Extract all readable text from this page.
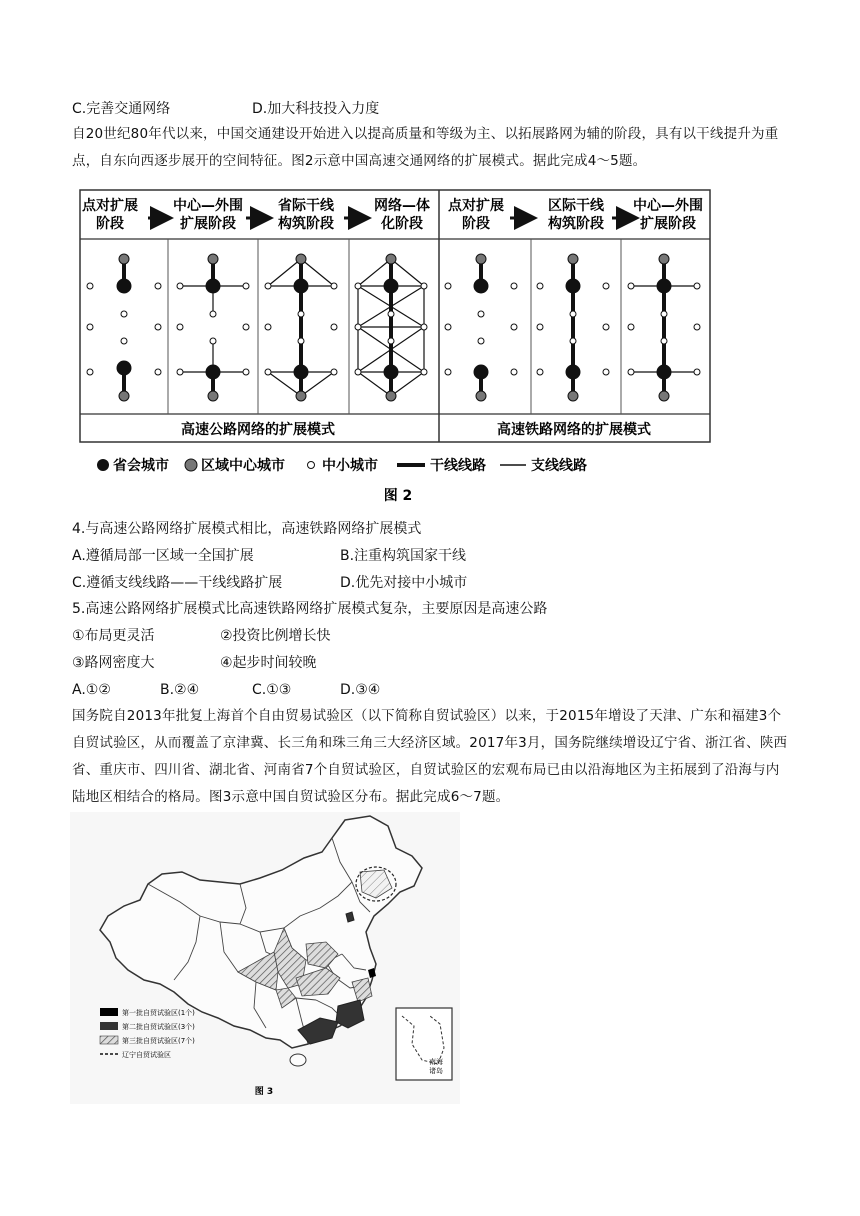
C.完善交通网络	D.加大科技投入力度
自20世纪80年代以来，中国交通建设开始进入以提高质量和等级为主、以拓展路网为辅的阶段，具有以干线提升为重点，自东向西逐步展开的空间特征。图2示意中国高速交通网络的扩展模式。据此完成4～5题。
点对扩展
阶段
中心—外围
扩展阶段
省际干线
构筑阶段
网络—体
化阶段
点对扩展
阶段
区际干线
构筑阶段
中心—外围
扩展阶段
高速公路网络的扩展模式	高速铁路网络的扩展模式
省会城市 区域中心城市	中小城市	干线线路	支线线路
图 2
4.与高速公路网络扩展模式相比，高速铁路网络扩展模式
A.遵循局部一区域一全国扩展	B.注重构筑国家干线
C.遵循支线线路——干线线路扩展	D.优先对接中小城市
5.高速公路网络扩展模式比高速铁路网络扩展模式复杂，主要原因是高速公路
①布局更灵活	②投资比例增长快
③路网密度大	④起步时间较晚
A.①②	B.②④	C.①③	D.③④
国务院自2013年批复上海首个自由贸易试验区（以下简称自贸试验区）以来，于2015年增设了天津、广东和福建3个自贸试验区，从而覆盖了京津冀、长三角和珠三角三大经济区域。2017年3月，国务院继续增设辽宁省、浙江省、陕西省、重庆市、四川省、湖北省、河南省7个自贸试验区，自贸试验区的宏观布局已由以沿海地区为主拓展到了沿海与内陆地区相结合的格局。图3示意中国自贸试验区分布。据此完成6～7题。
南海
诸岛
第一批自贸试验区(1个)
第二批自贸试验区(3个)
第三批自贸试验区(7个)
辽宁自贸试验区
图 3
